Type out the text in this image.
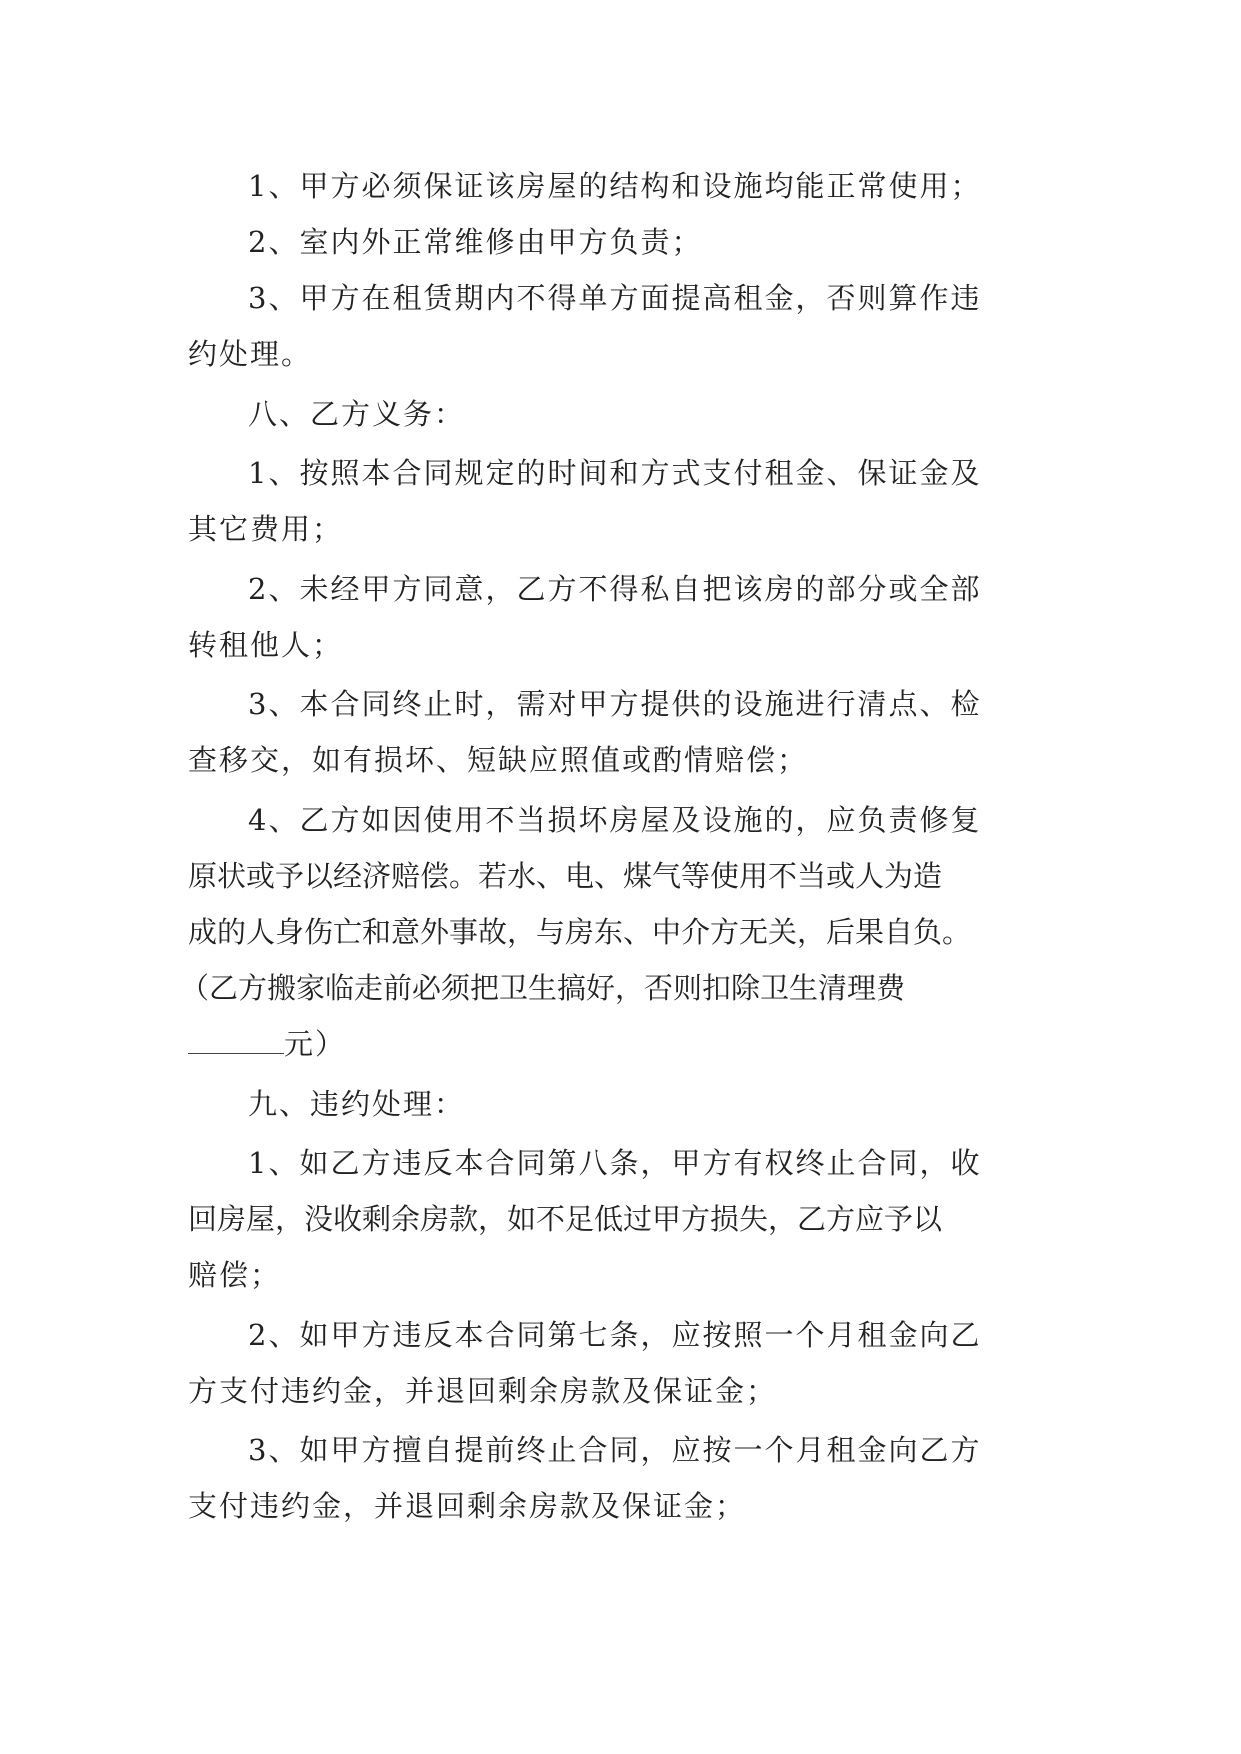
1、甲方必须保证该房屋的结构和设施均能正常使用；
2、室内外正常维修由甲方负责；
3、甲方在租赁期内不得单方面提高租金，否则算作违
约处理。
八、乙方义务：
1、按照本合同规定的时间和方式支付租金、保证金及
其它费用；
2、未经甲方同意，乙方不得私自把该房的部分或全部
转租他人；
3、本合同终止时，需对甲方提供的设施进行清点、检
查移交，如有损坏、短缺应照值或酌情赔偿；
4、乙方如因使用不当损坏房屋及设施的，应负责修复
原状或予以经济赔偿。若水、电、煤气等使用不当或人为造
成的人身伤亡和意外事故，与房东、中介方无关，后果自负。
（乙方搬家临走前必须把卫生搞好，否则扣除卫生清理费
元）
九、违约处理：
1、如乙方违反本合同第八条，甲方有权终止合同，收
回房屋，没收剩余房款，如不足低过甲方损失，乙方应予以
赔偿；
2、如甲方违反本合同第七条，应按照一个月租金向乙
方支付违约金，并退回剩余房款及保证金；
3、如甲方擅自提前终止合同，应按一个月租金向乙方
支付违约金，并退回剩余房款及保证金；
